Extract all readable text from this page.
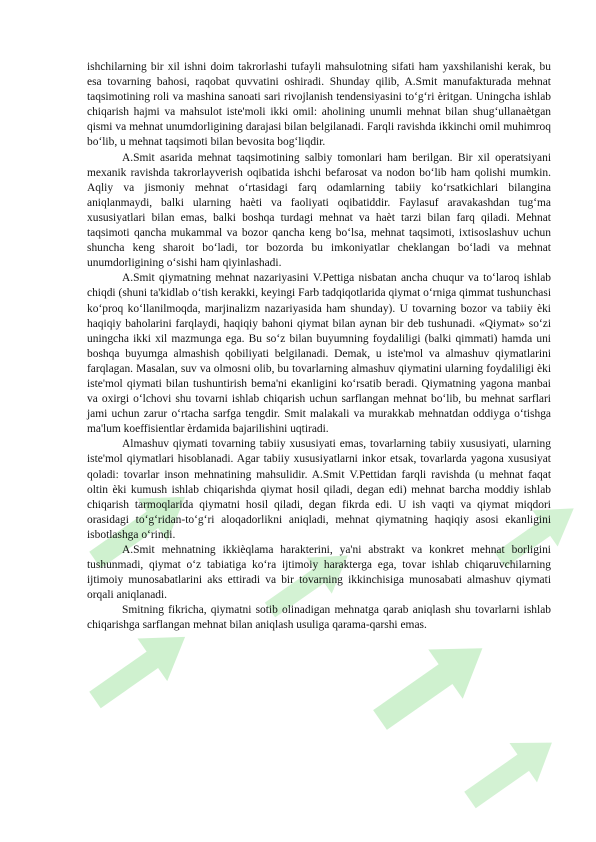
ishchilarning bir xil ishni doim takrorlashi tufayli mahsulotning sifati ham yaxshilanishi kerak, bu esa tovarning bahosi, raqobat quvvatini oshiradi. Shunday qilib, A.Smit manufakturada mehnat taqsimotining roli va mashina sanoati sari rivojlanish tendensiyasini to‘g‘ri èritgan. Uningcha ishlab chiqarish hajmi va mahsulot iste'moli ikki omil: aholining unumli mehnat bilan shug‘ullanaètgan qismi va mehnat unumdorligining darajasi bilan belgilanadi. Farqli ravishda ikkinchi omil muhimroq bo‘lib, u mehnat taqsimoti bilan bevosita bog‘liqdir.

A.Smit asarida mehnat taqsimotining salbiy tomonlari ham berilgan. Bir xil operatsiyani mexanik ravishda takrorlayverish oqibatida ishchi befarosat va nodon bo‘lib ham qolishi mumkin. Aqliy va jismoniy mehnat o‘rtasidagi farq odamlarning tabiiy ko‘rsatkichlari bilangina aniqlanmaydi, balki ularning haèti va faoliyati oqibatiddir. Faylasuf aravakashdan tug‘ma xususiyatlari bilan emas, balki boshqa turdagi mehnat va haèt tarzi bilan farq qiladi. Mehnat taqsimoti qancha mukammal va bozor qancha keng bo‘lsa, mehnat taqsimoti, ixtisoslashuv uchun shuncha keng sharoit bo‘ladi, tor bozorda bu imkoniyatlar cheklangan bo‘ladi va mehnat unumdorligining o‘sishi ham qiyinlashadi.

A.Smit qiymatning mehnat nazariyasini V.Pettiga nisbatan ancha chuqur va to‘laroq ishlab chiqdi (shuni ta'kidlab o‘tish kerakki, keyingi Farb tadqiqotlarida qiymat o‘rniga qimmat tushunchasi ko‘proq ko‘llanilmoqda, marjinalizm nazariyasida ham shunday). U tovarning bozor va tabiiy èki haqiqiy baholarini farqlaydi, haqiqiy bahoni qiymat bilan aynan bir deb tushunadi. «Qiymat» so‘zi uningcha ikki xil mazmunga ega. Bu so‘z bilan buyumning foydaliligi (balki qimmati) hamda uni boshqa buyumga almashish qobiliyati belgilanadi. Demak, u iste'mol va almashuv qiymatlarini farqlagan. Masalan, suv va olmosni olib, bu tovarlarning almashuv qiymatini ularning foydaliligi èki iste'mol qiymati bilan tushuntirish bema'ni ekanligini ko‘rsatib beradi. Qiymatning yagona manbai va oxirgi o‘lchovi shu tovarni ishlab chiqarish uchun sarflangan mehnat bo‘lib, bu mehnat sarflari jami uchun zarur o‘rtacha sarfga tengdir. Smit malakali va murakkab mehnatdan oddiyga o‘tishga ma'lum koeffisientlar èrdamida bajarilishini uqtiradi.

Almashuv qiymati tovarning tabiiy xususiyati emas, tovarlarning tabiiy xususiyati, ularning iste'mol qiymatlari hisoblanadi. Agar tabiiy xususiyatlarni inkor etsak, tovarlarda yagona xususiyat qoladi: tovarlar inson mehnatining mahsulidir. A.Smit V.Pettidan farqli ravishda (u mehnat faqat oltin èki kumush ishlab chiqarishda qiymat hosil qiladi, degan edi) mehnat barcha moddiy ishlab chiqarish tarmoqlarida qiymatni hosil qiladi, degan fikrda edi. U ish vaqti va qiymat miqdori orasidagi to‘g‘ridan-to‘g‘ri aloqadorlikni aniqladi, mehnat qiymatning haqiqiy asosi ekanligini isbotlashga o‘rindi.

A.Smit mehnatning ikkièqlama harakterini, ya'ni abstrakt va konkret mehnat borligini tushunmadi, qiymat o‘z tabiatiga ko‘ra ijtimoiy harakterga ega, tovar ishlab chiqaruvchilarning ijtimoiy munosabatlarini aks ettiradi va bir tovarning ikkinchisiga munosabati almashuv qiymati orqali aniqlanadi.

Smitning fikricha, qiymatni sotib olinadigan mehnatga qarab aniqlash shu tovarlarni ishlab chiqarishga sarflangan mehnat bilan aniqlash usuliga qarama-qarshi emas.
